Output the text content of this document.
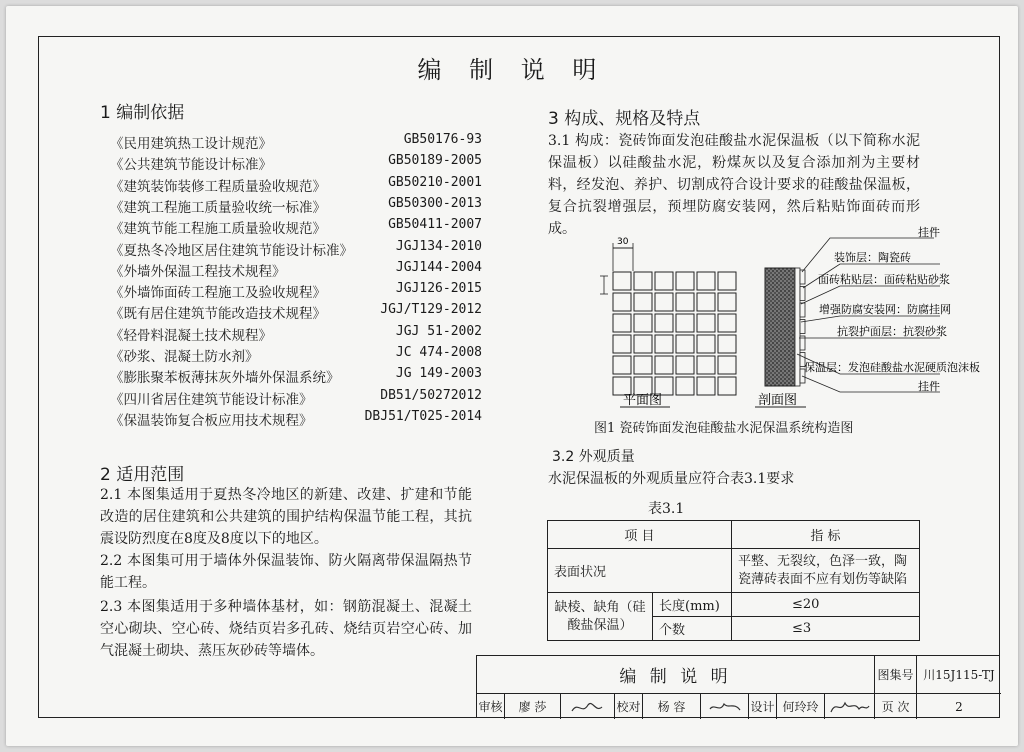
编 制 说 明
1 编制依据
《民用建筑热工设计规范》	GB50176-93
《公共建筑节能设计标准》	GB50189-2005
《建筑装饰装修工程质量验收规范》	GB50210-2001
《建筑工程施工质量验收统一标准》	GB50300-2013
《建筑节能工程施工质量验收规范》	GB50411-2007
《夏热冬冷地区居住建筑节能设计标准》	JGJ134-2010
《外墙外保温工程技术规程》	JGJ144-2004
《外墙饰面砖工程施工及验收规程》	JGJ126-2015
《既有居住建筑节能改造技术规程》	JGJ/T129-2012
《轻骨料混凝土技术规程》	JGJ 51-2002
《砂浆、混凝土防水剂》	JC 474-2008
《膨胀聚苯板薄抹灰外墙外保温系统》	JG 149-2003
《四川省居住建筑节能设计标准》	DB51/50272012
《保温装饰复合板应用技术规程》	DBJ51/T025-2014
2 适用范围
2.1 本图集适用于夏热冬冷地区的新建、改建、扩建和节能改造的居住建筑和公共建筑的围护结构保温节能工程，其抗震设防烈度在8度及8度以下的地区。
2.2 本图集可用于墙体外保温装饰、防火隔离带保温隔热节能工程。
2.3 本图集适用于多种墙体基材，如：钢筋混凝土、混凝土空心砌块、空心砖、烧结页岩多孔砖、烧结页岩空心砖、加气混凝土砌块、蒸压灰砂砖等墙体。
3 构成、规格及特点
3.1 构成：瓷砖饰面发泡硅酸盐水泥保温板（以下简称水泥保温板）以硅酸盐水泥，粉煤灰以及复合添加剂为主要材料，经发泡、养护、切割成符合设计要求的硅酸盐保温板，复合抗裂增强层，预埋防腐安装网，然后粘贴饰面砖而形成。
30
平面图
挂件
装饰层：陶瓷砖
面砖粘贴层：面砖粘贴砂浆
增强防腐安装网：防腐挂网
抗裂护面层：抗裂砂浆
保温层：发泡硅酸盐水泥硬质泡沫板
挂件
剖面图
图1 瓷砖饰面发泡硅酸盐水泥保温系统构造图
3.2 外观质量
水泥保温板的外观质量应符合表3.1要求
表3.1
项 目		指 标
表面状况		平整、无裂纹，色泽一致，陶瓷薄砖表面不应有划伤等缺陷
缺棱、缺角（硅酸盐保温）	长度(mm)	≤20
	个数	≤3
编 制 说 明	图集号 川15J115-TJ
审核	廖 莎	校对	杨 容	设计 何玲玲	页 次	2
